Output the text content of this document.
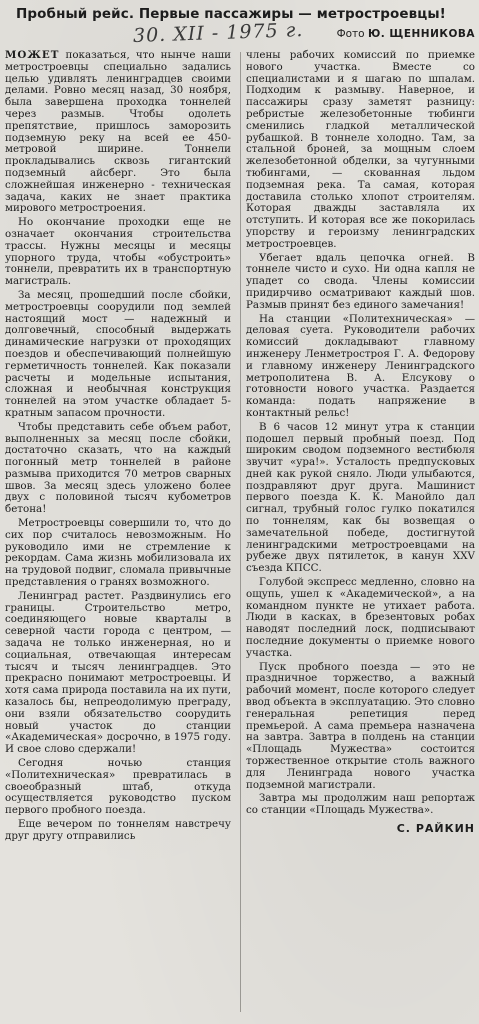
Пробный рейс. Первые пассажиры — метростроевцы!
30. XII - 1975 г.	Фото Ю. ЩЕННИКОВА

МОЖЕТ показаться, что нынче наши метростроевцы специально задались целью удивлять ленинградцев своими делами. Ровно месяц назад, 30 ноября, была завершена проходка тоннелей через размыв. Чтобы одолеть препятствие, пришлось заморозить подземную реку на всей ее 450-метровой ширине. Тоннели прокладывались сквозь гигантский подземный айсберг. Это была сложнейшая инженерно - техническая задача, каких не знает практика мирового метростроения.

Но окончание проходки еще не означает окончания строительства трассы. Нужны месяцы и месяцы упорного труда, чтобы «обустроить» тоннели, превратить их в транспортную магистраль.

За месяц, прошедший после сбойки, метростроевцы соорудили под землей настоящий мост — надежный и долговечный, способный выдержать динамические нагрузки от проходящих поездов и обеспечивающий полнейшую герметичность тоннелей. Как показали расчеты и модельные испытания, сложная и необычная конструкция тоннелей на этом участке обладает 5-кратным запасом прочности.

Чтобы представить себе объем работ, выполненных за месяц после сбойки, достаточно сказать, что на каждый погонный метр тоннелей в районе размыва приходится 70 метров сварных швов. За месяц здесь уложено более двух с половиной тысяч кубометров бетона!

Метростроевцы совершили то, что до сих пор считалось невозможным. Но руководило ими не стремление к рекордам. Сама жизнь мобилизовала их на трудовой подвиг, сломала привычные представления о гранях возможного.

Ленинград растет. Раздвинулись его границы. Строительство метро, соединяющего новые кварталы в северной части города с центром, — задача не только инженерная, но и социальная, отвечающая интересам тысяч и тысяч ленинградцев. Это прекрасно понимают метростроевцы. И хотя сама природа поставила на их пути, казалось бы, непреодолимую преграду, они взяли обязательство соорудить новый участок до станции «Академическая» досрочно, в 1975 году. И свое слово сдержали!

Сегодня ночью станция «Политехническая» превратилась в своеобразный штаб, откуда осуществляется руководство пуском первого пробного поезда.

Еще вечером по тоннелям навстречу друг другу отправились

члены рабочих комиссий по приемке нового участка. Вместе со специалистами и я шагаю по шпалам. Подходим к размыву. Наверное, и пассажиры сразу заметят разницу: ребристые железобетонные тюбинги сменились гладкой металлической рубашкой. В тоннеле холодно. Там, за стальной броней, за мощным слоем железобетонной обделки, за чугунными тюбингами, — скованная льдом подземная река. Та самая, которая доставила столько хлопот строителям. Которая дважды заставляла их отступить. И которая все же покорилась упорству и героизму ленинградских метростроевцев.

Убегает вдаль цепочка огней. В тоннеле чисто и сухо. Ни одна капля не упадет со свода. Члены комиссии придирчиво осматривают каждый шов. Размыв принят без единого замечания!

На станции «Политехническая» — деловая суета. Руководители рабочих комиссий докладывают главному инженеру Ленметростроя Г. А. Федорову и главному инженеру Ленинградского метрополитена В. А. Елсукову о готовности нового участка. Раздается команда: подать напряжение в контактный рельс!

В 6 часов 12 минут утра к станции подошел первый пробный поезд. Под широким сводом подземного вестибюля звучит «ура!». Усталость предпусковых дней как рукой сняло. Люди улыбаются, поздравляют друг друга. Машинист первого поезда К. К. Манойло дал сигнал, трубный голос гулко покатился по тоннелям, как бы возвещая о замечательной победе, достигнутой ленинградскими метростроевцами на рубеже двух пятилеток, в канун XXV съезда КПСС.

Голубой экспресс медленно, словно на ощупь, ушел к «Академической», а на командном пункте не утихает работа. Люди в касках, в брезентовых робах наводят последний лоск, подписывают последние документы о приемке нового участка.

Пуск пробного поезда — это не праздничное торжество, а важный рабочий момент, после которого следует ввод объекта в эксплуатацию. Это словно генеральная репетиция перед премьерой. А сама премьера назначена на завтра. Завтра в полдень на станции «Площадь Мужества» состоится торжественное открытие столь важного для Ленинграда нового участка подземной магистрали.

Завтра мы продолжим наш репортаж со станции «Площадь Мужества».

С. РАЙКИН
